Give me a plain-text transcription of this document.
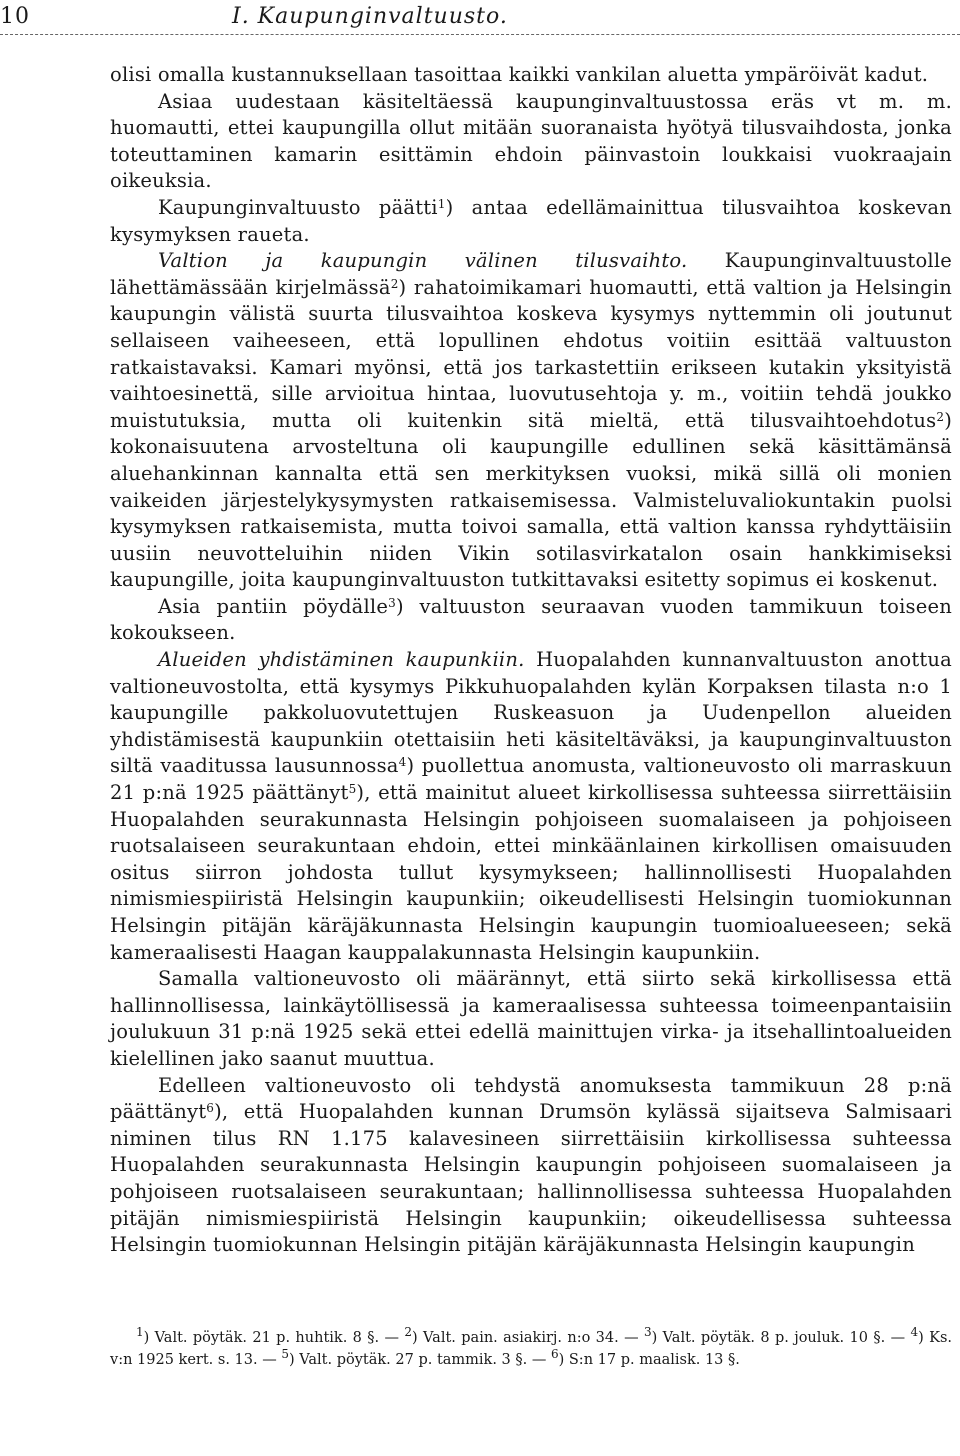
10	I. Kaupunginvaltuusto.

olisi omalla kustannuksellaan tasoittaa kaikki vankilan aluetta ympäröivät kadut.

Asiaa uudestaan käsiteltäessä kaupunginvaltuustossa eräs vt m. m. huomautti, ettei kaupungilla ollut mitään suoranaista hyötyä tilusvaihdosta, jonka toteuttaminen kamarin esittämin ehdoin päinvastoin loukkaisi vuokraajain oikeuksia.

Kaupunginvaltuusto päätti$^1$) antaa edellämainittua tilusvaihtoa koskevan kysymyksen raueta.

Valtion ja kaupungin välinen tilusvaihto. Kaupunginvaltuustolle lähettämässään kirjelmässä$^2$) rahatoimikamari huomautti, että valtion ja Helsingin kaupungin välistä suurta tilusvaihtoa koskeva kysymys nyttemmin oli joutunut sellaiseen vaiheeseen, että lopullinen ehdotus voitiin esittää valtuuston ratkaistavaksi. Kamari myönsi, että jos tarkastettiin erikseen kutakin yksityistä vaihtoesinettä, sille arvioitua hintaa, luovutusehtoja y. m., voitiin tehdä joukko muistutuksia, mutta oli kuitenkin sitä mieltä, että tilusvaihtoehdotus$^2$) kokonaisuutena arvosteltuna oli kaupungille edullinen sekä käsittämänsä aluehankinnan kannalta että sen merkityksen vuoksi, mikä sillä oli monien vaikeiden järjestelykysymysten ratkaisemisessa. Valmisteluvaliokuntakin puolsi kysymyksen ratkaisemista, mutta toivoi samalla, että valtion kanssa ryhdyttäisiin uusiin neuvotteluihin niiden Vikin sotilasvirkatalon osain hankkimiseksi kaupungille, joita kaupunginvaltuuston tutkittavaksi esitetty sopimus ei koskenut.

Asia pantiin pöydälle$^3$) valtuuston seuraavan vuoden tammikuun toiseen kokoukseen.

Alueiden yhdistäminen kaupunkiin. Huopalahden kunnanvaltuuston anottua valtioneuvostolta, että kysymys Pikkuhuopalahden kylän Korpaksen tilasta n:o 1 kaupungille pakkoluovutettujen Ruskeasuon ja Uudenpellon alueiden yhdistämisestä kaupunkiin otettaisiin heti käsiteltäväksi, ja kaupunginvaltuuston siltä vaaditussa lausunnossa$^4$) puollettua anomusta, valtioneuvosto oli marraskuun 21 p:nä 1925 päättänyt$^5$), että mainitut alueet kirkollisessa suhteessa siirrettäisiin Huopalahden seurakunnasta Helsingin pohjoiseen suomalaiseen ja pohjoiseen ruotsalaiseen seurakuntaan ehdoin, ettei minkäänlainen kirkollisen omaisuuden ositus siirron johdosta tullut kysymykseen; hallinnollisesti Huopalahden nimismiespiiristä Helsingin kaupunkiin; oikeudellisesti Helsingin tuomiokunnan Helsingin pitäjän käräjäkunnasta Helsingin kaupungin tuomioalueeseen; sekä kameraalisesti Haagan kauppalakunnasta Helsingin kaupunkiin.

Samalla valtioneuvosto oli määrännyt, että siirto sekä kirkollisessa että hallinnollisessa, lainkäytöllisessä ja kameraalisessa suhteessa toimeenpantaisiin joulukuun 31 p:nä 1925 sekä ettei edellä mainittujen virka- ja itsehallintoalueiden kielellinen jako saanut muuttua.

Edelleen valtioneuvosto oli tehdystä anomuksesta tammikuun 28 p:nä päättänyt$^6$), että Huopalahden kunnan Drumsön kylässä sijaitseva Salmisaari niminen tilus RN 1.175 kalavesineen siirrettäisiin kirkollisessa suhteessa Huopalahden seurakunnasta Helsingin kaupungin pohjoiseen suomalaiseen ja pohjoiseen ruotsalaiseen seurakuntaan; hallinnollisessa suhteessa Huopalahden pitäjän nimismiespiiristä Helsingin kaupunkiin; oikeudellisessa suhteessa Helsingin tuomiokunnan Helsingin pitäjän käräjäkunnasta Helsingin kaupungin

$^1$) Valt. pöytäk. 21 p. huhtik. 8 §. — $^2$) Valt. pain. asiakirj. n:o 34. — $^3$) Valt. pöytäk. 8 p. jouluk. 10 §. — $^4$) Ks. v:n 1925 kert. s. 13. — $^5$) Valt. pöytäk. 27 p. tammik. 3 §. — $^6$) S:n 17 p. maalisk. 13 §.
